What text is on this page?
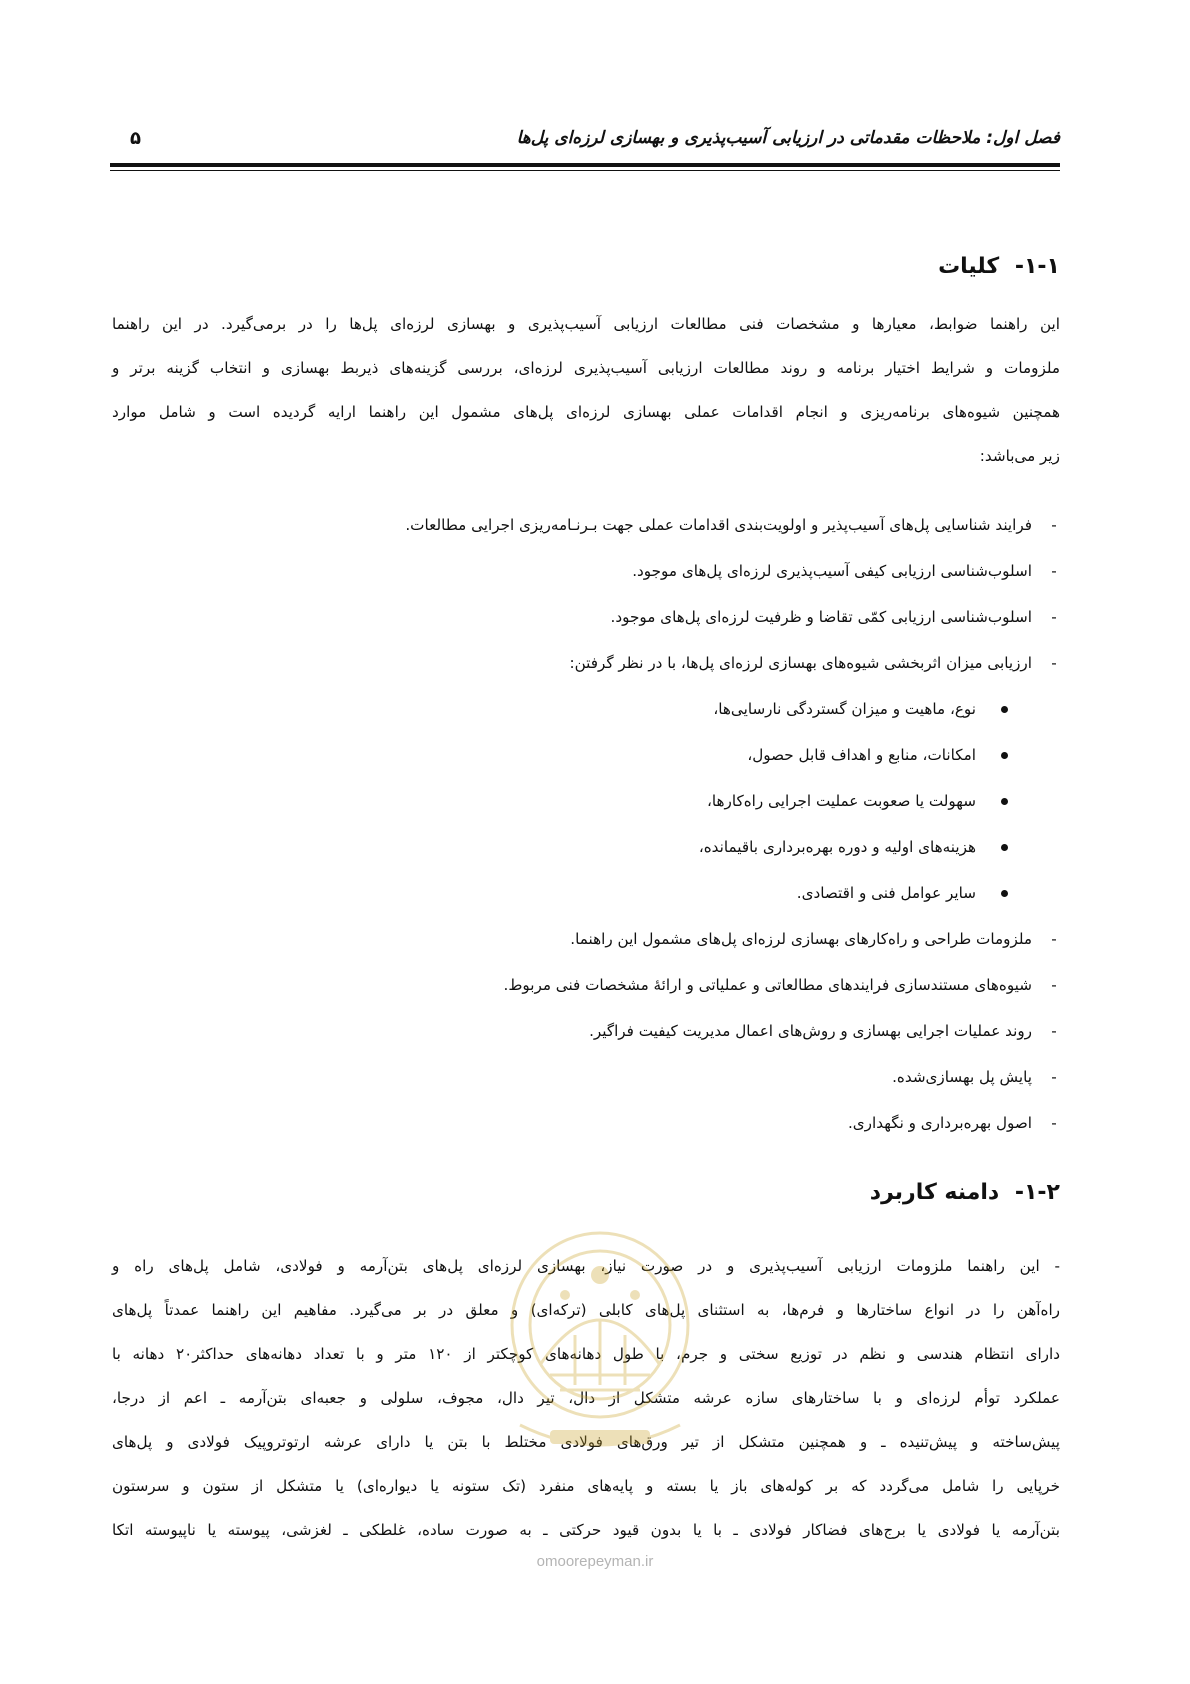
فصل اول: ملاحظات مقدماتی در ارزیابی آسیب‌پذیری و بهسازی لرزه‌ای پل‌ها
۵
۱-۱- کلیات
این راهنما ضوابط، معیارها و مشخصات فنی مطالعات ارزیابی آسیب‌پذیری و بهسازی لرزه‌ای پل‌ها را در برمی‌گیرد. در این راهنما
ملزومات و شرایط اختیار برنامه و روند مطالعات ارزیابی آسیب‌پذیری لرزه‌ای، بررسی گزینه‌های ذیربط بهسازی و انتخاب گزینه برتر و
همچنین شیوه‌های برنامه‌ریزی و انجام اقدامات عملی بهسازی لرزه‌ای پل‌های مشمول این راهنما ارایه گردیده است و شامل موارد
زیر می‌باشد:
-
فرایند شناسایی پل‌های آسیب‌پذیر و اولویت‌بندی اقدامات عملی جهت بـرنـامه‌ریزی اجرایی مطالعات.
-
اسلوب‌شناسی ارزیابی کیفی آسیب‌پذیری لرزه‌ای پل‌های موجود.
-
اسلوب‌شناسی ارزیابی کمّی تقاضا و ظرفیت لرزه‌ای پل‌های موجود.
-
ارزیابی میزان اثربخشی شیوه‌های بهسازی لرزه‌ای پل‌ها، با در نظر گرفتن:
نوع، ماهیت و میزان گستردگی نارسایی‌ها،
امکانات، منابع و اهداف قابل حصول،
سهولت یا صعوبت عملیت اجرایی راه‌کارها،
هزینه‌های اولیه و دوره بهره‌برداری باقیمانده،
سایر عوامل فنی و اقتصادی.
-
ملزومات طراحی و راه‌کارهای بهسازی لرزه‌ای پل‌های مشمول این راهنما.
-
شیوه‌های مستندسازی فرایندهای مطالعاتی و عملیاتی و ارائهٔ مشخصات فنی مربوط.
-
روند عملیات اجرایی بهسازی و روش‌های اعمال مدیریت کیفیت فراگیر.
-
پایش پل بهسازی‌شده.
-
اصول بهره‌برداری و نگهداری.
۱-۲- دامنه کاربرد
- این راهنما ملزومات ارزیابی آسیب‌پذیری و در صورت نیاز، بهسازی لرزه‌ای پل‌های بتن‌آرمه و فولادی، شامل پل‌های راه و
راه‌آهن را در انواع ساختارها و فرم‌ها، به استثنای پل‌های کابلی (ترکه‌ای) و معلق در بر می‌گیرد. مفاهیم این راهنما عمدتاً پل‌های
دارای انتظام هندسی و نظم در توزیع سختی و جرم، با طول دهانه‌های کوچکتر از ۱۲۰ متر و با تعداد دهانه‌های حداکثر۲۰ دهانه با
عملکرد توأم لرزه‌ای و با ساختارهای سازه عرشه متشکل از دال، تیر دال، مجوف، سلولی و جعبه‌ای بتن‌آرمه ـ اعم از درجا،
پیش‌ساخته و پیش‌تنیده ـ و همچنین متشکل از تیر ورق‌های فولادی مختلط با بتن یا دارای عرشه ارتوتروپیک فولادی و پل‌های
خرپایی را شامل می‌گردد که بر کوله‌های باز یا بسته و پایه‌های منفرد (تک ستونه یا دیواره‌ای) یا متشکل از ستون و سرستون
بتن‌آرمه یا فولادی یا برج‌های فضاکار فولادی ـ با یا بدون قیود حرکتی ـ به صورت ساده، غلطکی ـ لغزشی، پیوسته یا ناپیوسته اتکا
omoorepeyman.ir
